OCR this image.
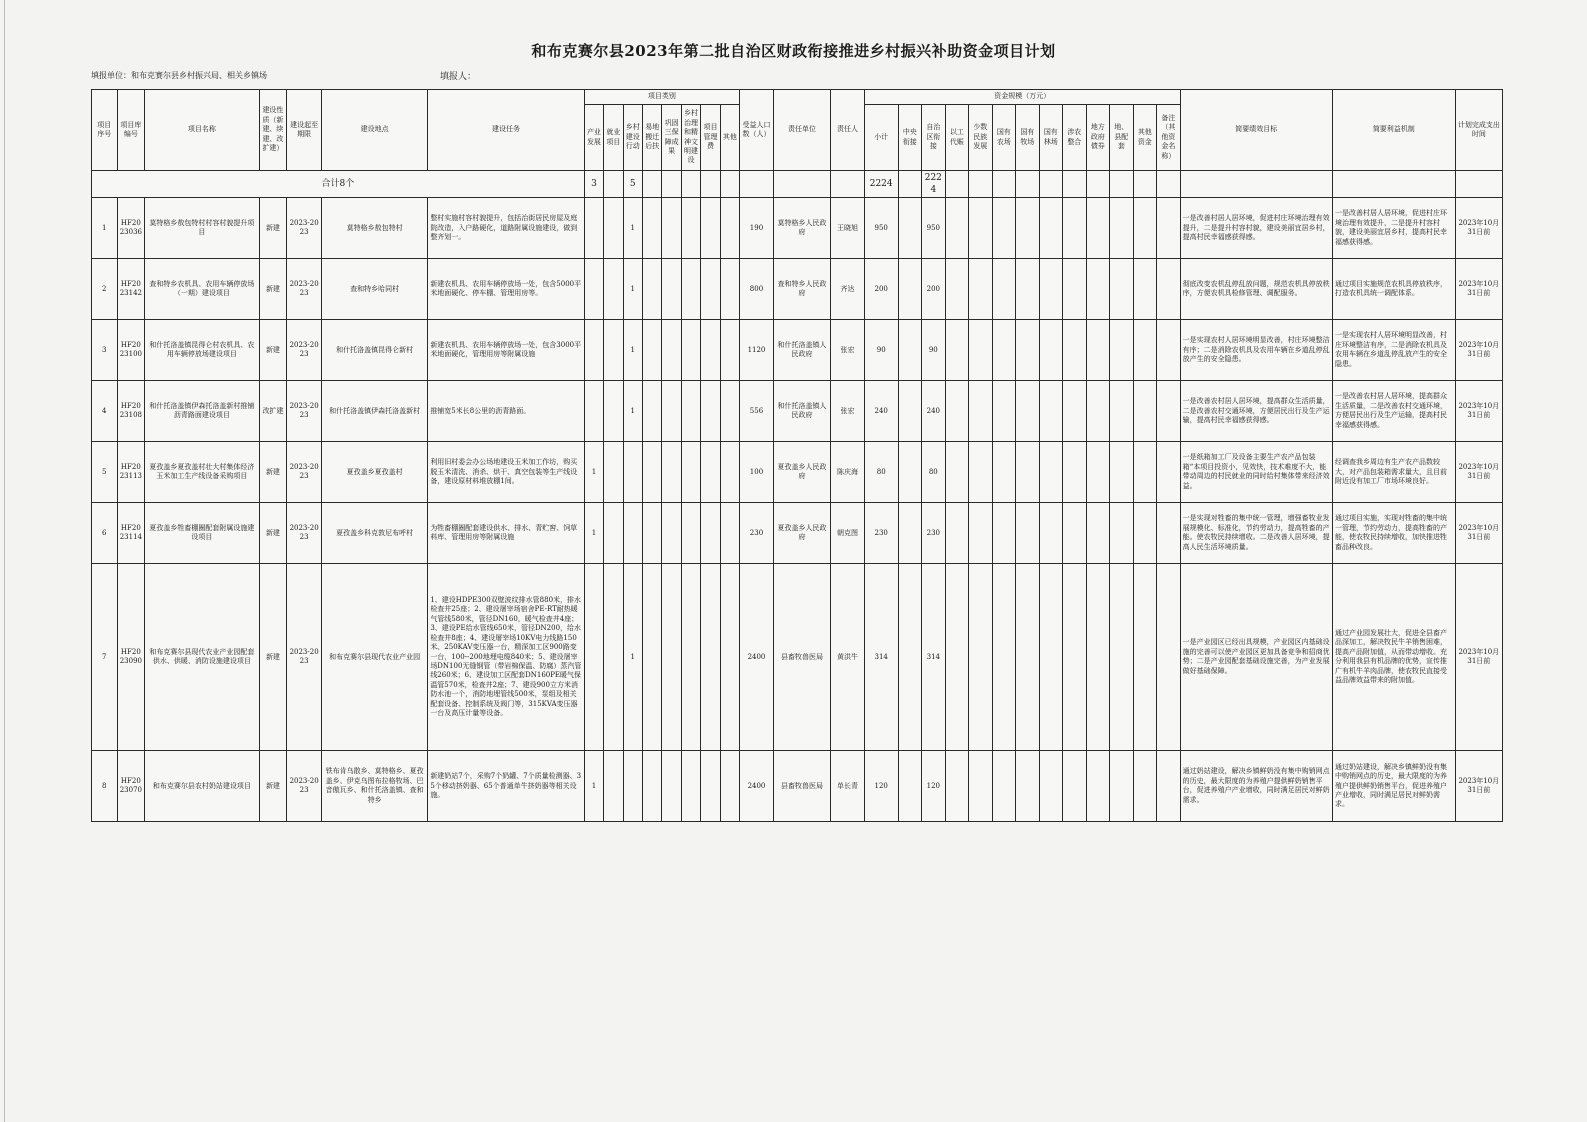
和布克赛尔县2023年第二批自治区财政衔接推进乡村振兴补助资金项目计划
填报单位：和布克赛尔县乡村振兴局、相关乡镇场	填报人：
项目序号	项目库编号	项目名称	建设性质（新建、续建、改扩建）	建设起至期限	建设地点	建设任务	项目类别								受益人口数（人）	责任单位	责任人	资金规模（万元）													简要绩效目标	简要利益机制	计划完成支出时间
							产业发展	就业项目	乡村建设行动	易地搬迁后扶	巩固三保障成果	乡村治理和精神文明建设	项目管理费	其他				小计	中央衔接	自治区衔接	以工代赈	少数民族发展	国有农场	国有牧场	国有林场	涉农整合	地方政府债券	地、县配套	其他资金	备注（其他资金名称）			
合计8个							3		5									2224		2224													
1	HF2023036	莫特格乡敖包特村村容村貌提升项目	新建	2023-2023	莫特格乡敖包特村	整村实施村容村貌提升，包括治街居民房屋及庭院改造，入户路硬化，道路附属设施建设，做到整齐划一。			1						190	莫特格乡人民政府	王晓旭	950		950											一是改善村居人居环境，促进村庄环境治理有效提升，二是提升村容村貌，建设美丽宜居乡村，提高村民幸福感获得感。	一是改善村居人居环境，促进村庄环境治理有效提升，二是提升村容村貌，建设美丽宜居乡村，提高村民幸福感获得感。	2023年10月31日前
2	HF2023142	查和特乡农机具、农用车辆停放场（一期）建设项目	新建	2023-2023	查和特乡哈同村	新建农机具、农用车辆停放场一处，包含5000平米地面硬化、停车棚、管理用房等。			1						800	查和特乡人民政府	齐达	200		200											彻底改变农机乱停乱放问题，规范农机具停放秩序，方便农机具检修管理、调配服务。	通过项目实施规范农机具停放秩序，打造农机具统一调配体系。	2023年10月31日前
3	HF2023100	和什托洛盖镇昆得仑村农机具、农用车辆停放场建设项目	新建	2023-2023	和什托洛盖镇昆得仑新村	新建农机具、农用车辆停放场一处，包含3000平米地面硬化，管理用房等附属设施			1						1120	和什托洛盖镇人民政府	张宏	90		90											一是实现农村人居环境明显改善，村庄环境整洁有序；二是消除农机具及农用车辆在乡道乱停乱放产生的安全隐患。	一是实现农村人居环境明显改善，村庄环境整洁有序，二是消除农机具及农用车辆在乡道乱停乱放产生的安全隐患。	2023年10月31日前
4	HF2023108	和什托洛盖镇伊森托洛盖新村推铺沥青路面建设项目	改扩建	2023-2023	和什托洛盖镇伊森托洛盖新村	推铺宽5米长8公里的沥青路面。			1						556	和什托洛盖镇人民政府	张宏	240		240											一是改善农村居人居环境，提高群众生活质量，二是改善农村交通环境，方便居民出行及生产运输，提高村民幸福感获得感。	一是改善农村居人居环境，提高群众生活质量，二是改善农村交通环境，方便居民出行及生产运输，提高村民幸福感获得感。	2023年10月31日前
5	HF2023113	夏孜盖乡夏孜盖村壮大村集体经济玉米加工生产线设备采购项目	新建	2023-2023	夏孜盖乡夏孜盖村	利用旧村委会办公场地建设玉米加工作坊，购买脱玉米清洗、消杀、烘干、真空包装等生产线设备，建设原材料堆放棚1间。	1								100	夏孜盖乡人民政府	陈庆海	80		80											一是纸箱加工厂及设备主要生产农产品包装箱“本项目投资小，见效快，技术难度不大，能带动周边的村民就业的同时给村集体带来经济效益。	经调查我乡周边有生产农产品数较大，对产品包装箱需求量大，且目前附近没有加工厂市场环境良好。	2023年10月31日前
6	HF2023114	夏孜盖乡牲畜棚圈配套附属设施建设项目	新建	2023-2023	夏孜盖乡科克敦尼布呼村	为牲畜棚圈配套建设供水、排水、青贮窖、饲草料库、管理用房等附属设施	1								230	夏孜盖乡人民政府	朝克图	230		230											一是实现对牲畜的集中统一管理，增强畜牧业发展规模化、标准化，节约劳动力，提高牲畜的产能。使农牧民持续增收。二是改善人居环境，提高人民生活环境质量。	通过项目实施，实现对牲畜的集中统一管理，节约劳动力，提高牲畜的产能，使农牧民持续增收，加快推进牲畜品种改良。	2023年10月31日前
7	HF2023090	和布克赛尔县现代农业产业园配套供水、供暖、消防设施建设项目	新建	2023-2023	和布克赛尔县现代农业产业园	1、建设HDPE300双壁波纹排水管880米，排水检查井25座；2、建设屠宰场宿舍PE-RT耐热暖气管线580米，管径DN160，暖气检查井4座；3、建设PE给水管线650米，管径DN200，给水检查井8座；4、建设屠宰场10KV电力线路150米、250KAV变压器一台，精深加工区900路变一台，100--200地埋电缆840米；5、建设屠宰场DN100无缝钢管（带岩棉保温、防腐）蒸汽管线260米；6、建设加工区配套DN160PE暖气保温管570米，检查井2座；7、建设900立方米消防水池一个，消防地埋管线500米，泵组及相关配套设备、控制系统及阀门等，315KVA变压器一台及高压计量等设备。			1						2400	县畜牧兽医局	黄洪牛	314		314											一是产业园区已经出具规模，产业园区内基础设施的完善可以使产业园区更加具备竞争和招商优势；二是产业园配套基础设施完善，为产业发展做好基础保障。	通过产业园发展壮大，促进全县畜产品深加工，解决牧民牛羊销售困难，提高产品附加值，从而带动增收。充分利用我县有机品牌的优势，宣传推广有机牛羊肉品牌，使农牧民直接受益品牌效益带来的附加值。	2023年10月31日前
8	HF2023070	和布克赛尔县农村奶站建设项目	新建	2023-2023	铁布肯乌散乡、莫特格乡、夏孜盖乡、伊克乌图布拉格牧场、巴音傲瓦乡、和什托洛盖镇、查和特乡	新建奶站7个，采购7个奶罐、7个质量检测器、35个移动挤奶器、65个普通单牛挤奶器等相关设施。	1								2400	县畜牧兽医局	单长青	120		120											通过奶站建设，解决乡镇鲜奶没有集中购销网点的历史，最大限度的为养殖户提供鲜奶销售平台，促进养殖户产业增收，同时满足居民对鲜奶需求。	通过奶站建设，解决乡镇鲜奶没有集中购销网点的历史，最大限度的为养殖户提供鲜奶销售平台，促进养殖户产业增收，同时满足居民对鲜奶需求。	2023年10月31日前
